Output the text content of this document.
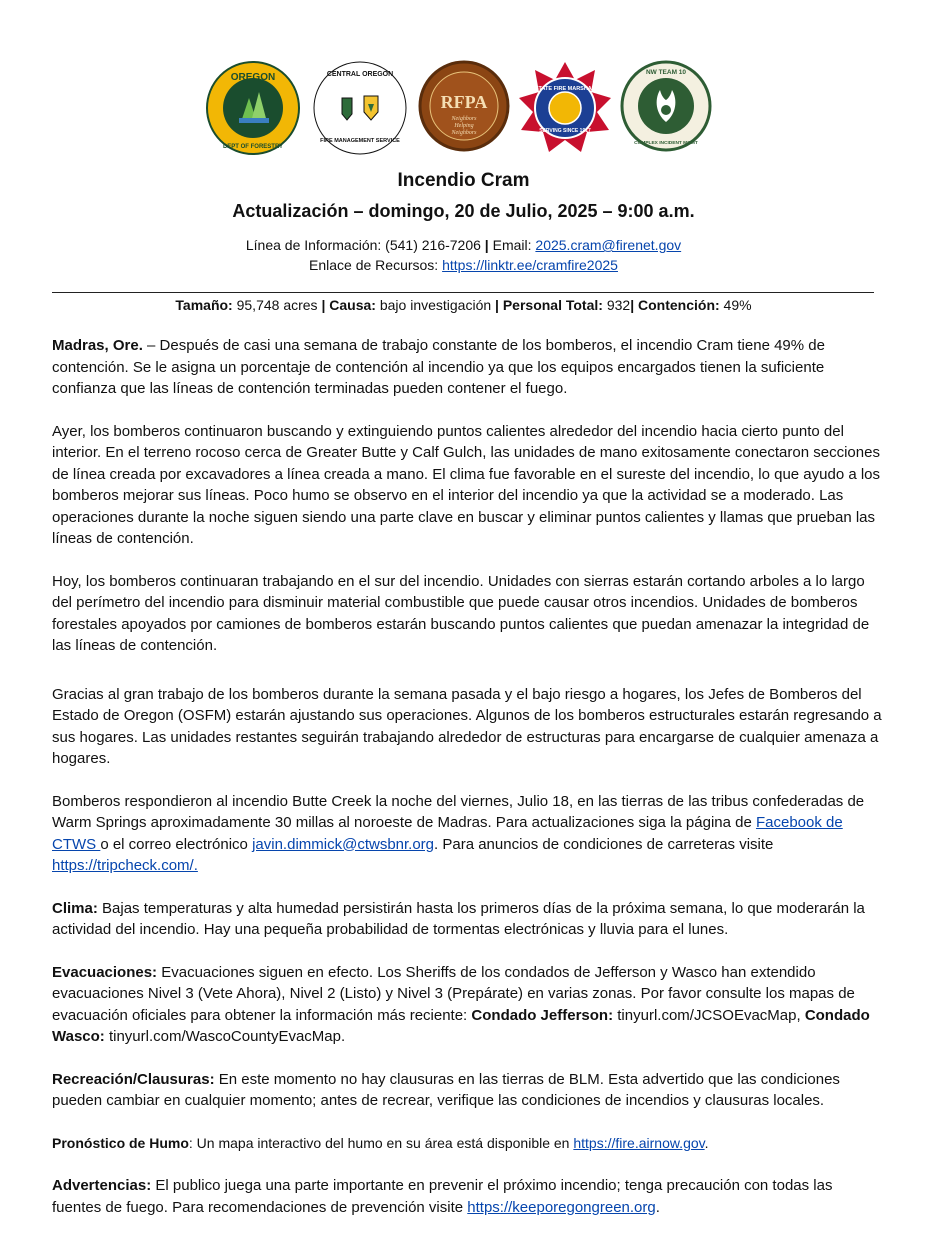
OREGON
DEPT OF FORESTRY
CENTRAL OREGON
FIRE MANAGEMENT SERVICE
RFPA
Neighbors
Helping
Neighbors
STATE FIRE MARSHAL
SERVING SINCE 1917
NW TEAM 10
COMPLEX INCIDENT MGMT
Incendio Cram
Actualización – domingo, 20 de Julio, 2025 – 9:00 a.m.
Línea de Información: (541) 216-7206 | Email: 2025.cram@firenet.gov
Enlace de Recursos: https://linktr.ee/cramfire2025
Tamaño: 95,748 acres | Causa: bajo investigación | Personal Total: 932| Contención: 49%

Madras, Ore. – Después de casi una semana de trabajo constante de los bomberos, el incendio Cram tiene 49% de contención. Se le asigna un porcentaje de contención al incendio ya que los equipos encargados tienen la suficiente confianza que las líneas de contención terminadas pueden contener el fuego.

Ayer, los bomberos continuaron buscando y extinguiendo puntos calientes alrededor del incendio hacia cierto punto del interior. En el terreno rocoso cerca de Greater Butte y Calf Gulch, las unidades de mano exitosamente conectaron secciones de línea creada por excavadores a línea creada a mano. El clima fue favorable en el sureste del incendio, lo que ayudo a los bomberos mejorar sus líneas. Poco humo se observo en el interior del incendio ya que la actividad se a moderado. Las operaciones durante la noche siguen siendo una parte clave en buscar y eliminar puntos calientes y llamas que prueban las líneas de contención.

Hoy, los bomberos continuaran trabajando en el sur del incendio. Unidades con sierras estarán cortando arboles a lo largo del perímetro del incendio para disminuir material combustible que puede causar otros incendios. Unidades de bomberos forestales apoyados por camiones de bomberos estarán buscando puntos calientes que puedan amenazar la integridad de las líneas de contención.

Gracias al gran trabajo de los bomberos durante la semana pasada y el bajo riesgo a hogares, los Jefes de Bomberos del Estado de Oregon (OSFM) estarán ajustando sus operaciones. Algunos de los bomberos estructurales estarán regresando a sus hogares. Las unidades restantes seguirán trabajando alrededor de estructuras para encargarse de cualquier amenaza a hogares.

Bomberos respondieron al incendio Butte Creek la noche del viernes, Julio 18, en las tierras de las tribus confederadas de Warm Springs aproximadamente 30 millas al noroeste de Madras. Para actualizaciones siga la página de Facebook de CTWS o el correo electrónico javin.dimmick@ctwsbnr.org. Para anuncios de condiciones de carreteras visite https://tripcheck.com/.

Clima: Bajas temperaturas y alta humedad persistirán hasta los primeros días de la próxima semana, lo que moderarán la actividad del incendio. Hay una pequeña probabilidad de tormentas electrónicas y lluvia para el lunes.

Evacuaciones: Evacuaciones siguen en efecto. Los Sheriffs de los condados de Jefferson y Wasco han extendido evacuaciones Nivel 3 (Vete Ahora), Nivel 2 (Listo) y Nivel 3 (Prepárate) en varias zonas. Por favor consulte los mapas de evacuación oficiales para obtener la información más reciente: Condado Jefferson: tinyurl.com/JCSOEvacMap, Condado Wasco: tinyurl.com/WascoCountyEvacMap.

Recreación/Clausuras: En este momento no hay clausuras en las tierras de BLM. Esta advertido que las condiciones pueden cambiar en cualquier momento; antes de recrear, verifique las condiciones de incendios y clausuras locales.

Pronóstico de Humo: Un mapa interactivo del humo en su área está disponible en https://fire.airnow.gov.

Advertencias: El publico juega una parte importante en prevenir el próximo incendio; tenga precaución con todas las fuentes de fuego. Para recomendaciones de prevención visite https://keeporegongreen.org.
